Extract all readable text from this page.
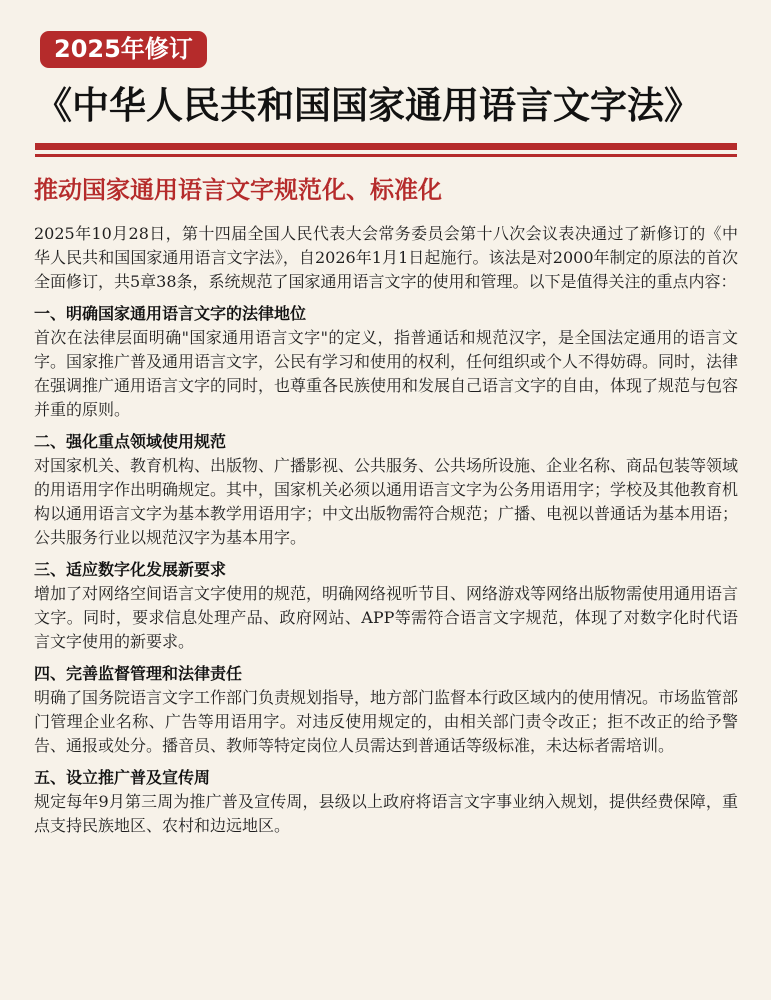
2025年修订
《中华人民共和国国家通用语言文字法》
推动国家通用语言文字规范化、标准化

2025年10月28日，第十四届全国人民代表大会常务委员会第十八次会议表决通过了新修订的《中华人民共和国国家通用语言文字法》，自2026年1月1日起施行。该法是对2000年制定的原法的首次全面修订，共5章38条，系统规范了国家通用语言文字的使用和管理。以下是值得关注的重点内容：

一、明确国家通用语言文字的法律地位

首次在法律层面明确"国家通用语言文字"的定义，指普通话和规范汉字，是全国法定通用的语言文字。国家推广普及通用语言文字，公民有学习和使用的权利，任何组织或个人不得妨碍。同时，法律在强调推广通用语言文字的同时，也尊重各民族使用和发展自己语言文字的自由，体现了规范与包容并重的原则。

二、强化重点领域使用规范

对国家机关、教育机构、出版物、广播影视、公共服务、公共场所设施、企业名称、商品包装等领域的用语用字作出明确规定。其中，国家机关必须以通用语言文字为公务用语用字；学校及其他教育机构以通用语言文字为基本教学用语用字；中文出版物需符合规范；广播、电视以普通话为基本用语；公共服务行业以规范汉字为基本用字。

三、适应数字化发展新要求

增加了对网络空间语言文字使用的规范，明确网络视听节目、网络游戏等网络出版物需使用通用语言文字。同时，要求信息处理产品、政府网站、APP等需符合语言文字规范，体现了对数字化时代语言文字使用的新要求。

四、完善监督管理和法律责任

明确了国务院语言文字工作部门负责规划指导，地方部门监督本行政区域内的使用情况。市场监管部门管理企业名称、广告等用语用字。对违反使用规定的，由相关部门责令改正；拒不改正的给予警告、通报或处分。播音员、教师等特定岗位人员需达到普通话等级标准，未达标者需培训。

五、设立推广普及宣传周

规定每年9月第三周为推广普及宣传周，县级以上政府将语言文字事业纳入规划，提供经费保障，重点支持民族地区、农村和边远地区。
